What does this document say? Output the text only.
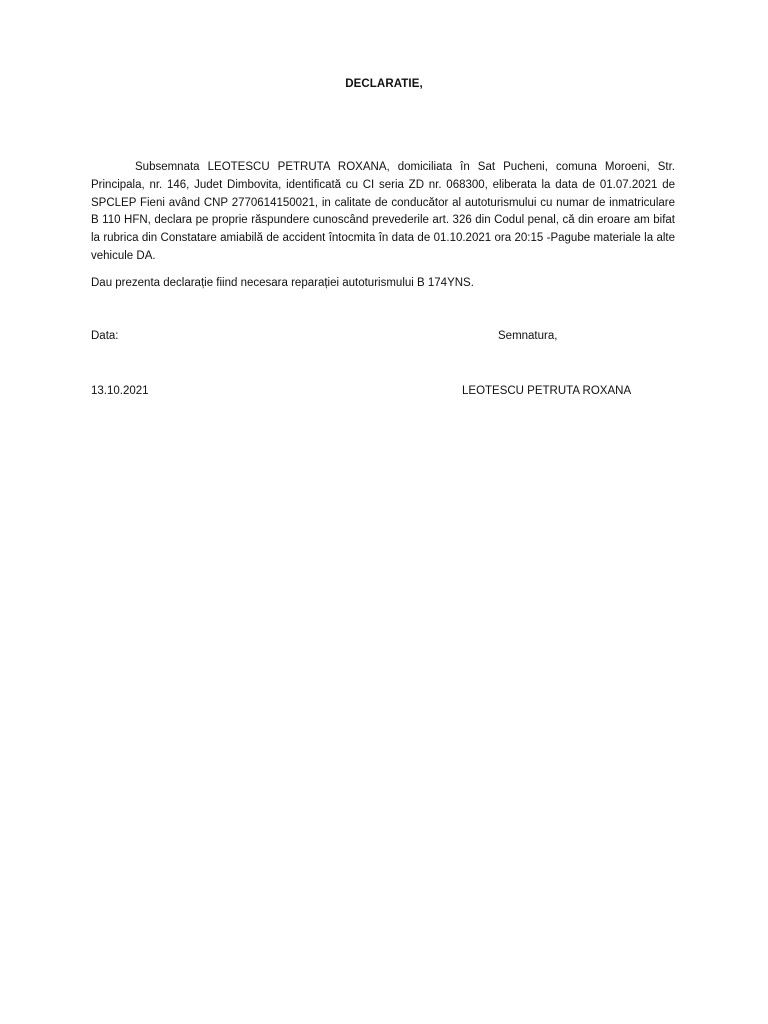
DECLARATIE,

Subsemnata LEOTESCU PETRUTA ROXANA, domiciliata în Sat Pucheni, comuna Moroeni, Str. Principala, nr. 146, Judet Dimbovita, identificată cu CI seria ZD nr. 068300, eliberata la data de 01.07.2021 de SPCLEP Fieni având CNP 2770614150021, in calitate de conducător al autoturismului cu numar de inmatriculare B 110 HFN, declara pe proprie răspundere cunoscând prevederile art. 326 din Codul penal, că din eroare am bifat la rubrica din Constatare amiabilă de accident întocmita în data de 01.10.2021 ora 20:15 -Pagube materiale la alte vehicule DA.

Dau prezenta declarație fiind necesara reparației autoturismului B 174YNS.

Data:	Semnatura,
13.10.2021	LEOTESCU PETRUTA ROXANA
